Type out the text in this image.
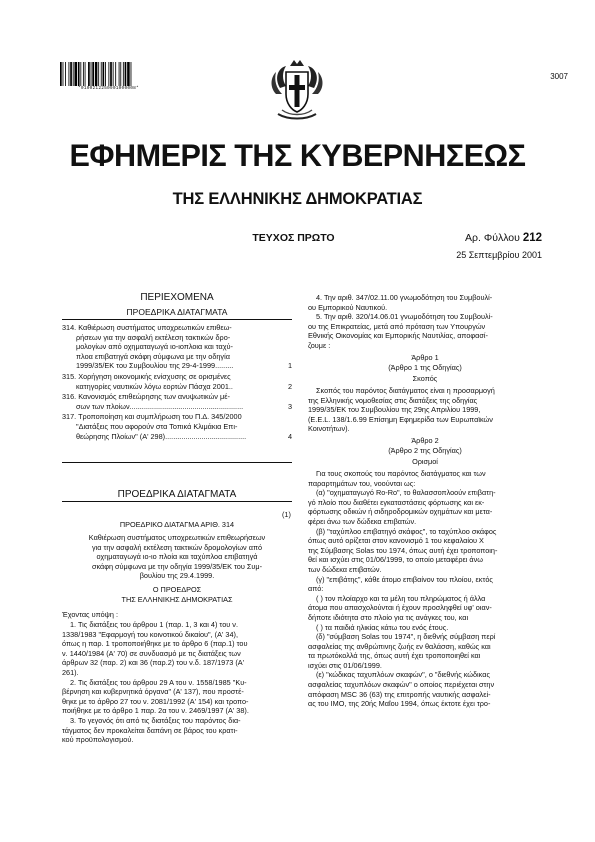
*0100212250901000008*
3007
ΕΦΗΜΕΡΙΣ ΤΗΣ ΚΥΒΕΡΝΗΣΕΩΣ
ΤΗΣ ΕΛΛΗΝΙΚΗΣ ΔΗΜΟΚΡΑΤΙΑΣ
ΤΕΥΧΟΣ ΠΡΩΤΟ	Αρ. Φύλλου 212
25 Σεπτεμβρίου 2001
ΠΕΡΙΕΧΟΜΕΝΑ
ΠΡΟΕΔΡΙΚΑ ΔΙΑΤΑΓΜΑΤΑ
314. Καθιέρωση συστήματος υποχρεωτικών επιθεω-
ρήσεων για την ασφαλή εκτέλεση τακτικών δρο-
μολογίων από οχηματαγωγά ιο-ιοπλοια και ταχύ-
πλοα επιβατηγά σκάφη σύμφωνα με την οδηγία
1999/35/ΕΚ του Συμβουλίου της 29-4-1999.........	1
315. Χορήγηση οικονομικής ενίσχυσης σε ορισμένες
κατηγορίες ναυτικών λόγω εορτών Πάσχα 2001..	2
316. Κανονισμός επιθεώρησης των ανυψωτικών μέ-
σων των πλοίων........................................................	3
317. Τροποποίηση και συμπλήρωση του Π.Δ. 345/2000
"Διατάξεις που αφορούν στα Τοπικά Κλιμάκια Επι-
θεώρησης Πλοίων" (Α' 298)........................................	4
ΠΡΟΕΔΡΙΚΑ ΔΙΑΤΑΓΜΑΤΑ
(1)
ΠΡΟΕΔΡΙΚΟ ΔΙΑΤΑΓΜΑ ΑΡΙΘ. 314
Καθιέρωση συστήματος υποχρεωτικών επιθεωρήσεων
για την ασφαλή εκτέλεση τακτικών δρομολογίων από
οχηματαγωγά ιο-ιο πλοία και ταχύπλοα επιβατηγά
σκάφη σύμφωνα με την οδηγία 1999/35/ΕΚ του Συμ-
βουλίου της 29.4.1999.
Ο ΠΡΟΕΔΡΟΣ
ΤΗΣ ΕΛΛΗΝΙΚΗΣ ΔΗΜΟΚΡΑΤΙΑΣ
Έχοντας υπόψη :
1. Τις διατάξεις του άρθρου 1 (παρ. 1, 3 και 4) του ν.
1338/1983 "Εφαρμογή του κοινοτικού δικαίου", (Α' 34),
όπως η παρ. 1 τροποποιήθηκε με το άρθρο 6 (παρ.1) του
ν. 1440/1984 (Α' 70) σε συνδυασμό με τις διατάξεις των
άρθρων 32 (παρ. 2) και 36 (παρ.2) του ν.δ. 187/1973 (Α'
261).
2. Τις διατάξεις του άρθρου 29 Α του ν. 1558/1985 "Κυ-
βέρνηση και κυβερνητικά όργανα" (Α' 137), που προστέ-
θηκε με το άρθρο 27 του ν. 2081/1992 (Α' 154) και τροπο-
ποιήθηκε με το άρθρο 1 παρ. 2α του ν. 2469/1997 (Α' 38).
3. Το γεγονός ότι από τις διατάξεις του παρόντος δια-
τάγματος δεν προκαλείται δαπάνη σε βάρος του κρατι-
κού προϋπολογισμού.
4. Την αριθ. 347/02.11.00 γνωμοδότηση του Συμβουλί-
ου Εμπορικού Ναυτικού.
5. Την αριθ. 320/14.06.01 γνωμοδότηση του Συμβουλί-
ου της Επικρατείας, μετά από πρόταση των Υπουργών
Εθνικής Οικονομίας και Εμπορικής Ναυτιλίας, αποφασί-
ζουμε :
Άρθρο 1
(Άρθρο 1 της Οδηγίας)
Σκοπός
Σκοπός του παρόντος διατάγματος είναι η προσαρμογή
της Ελληνικής νομοθεσίας στις διατάξεις της οδηγίας
1999/35/ΕΚ του Συμβουλίου της 29ης Απριλίου 1999,
(Ε.Ε.L. 138/1.6.99 Επίσημη Εφημερίδα των Ευρωπαϊκών
Κοινοτήτων).
Άρθρο 2
(Άρθρο 2 της Οδηγίας)
Ορισμοί
Για τους σκοπούς του παρόντος διατάγματος και των
παραρτημάτων του, νοούνται ως:
(α) "οχηματαγωγό Ro-Ro", το θαλασσοπλοούν επιβατη-
γό πλοίο που διαθέτει εγκαταστάσεις φόρτωσης και εκ-
φόρτωσης οδικών ή σιδηροδρομικών οχημάτων και μετα-
φέρει άνω των δώδεκα επιβατών.
(β) "ταχύπλοο επιβατηγό σκάφος", το ταχύπλοο σκάφος
όπως αυτό ορίζεται στον κανονισμό 1 του κεφαλαίου X
της Σύμβασης Solas του 1974, όπως αυτή έχει τροποποιη-
θεί και ισχύει στις 01/06/1999, το οποίο μεταφέρει άνω
των δώδεκα επιβατών.
(γ) "επιβάτης", κάθε άτομο επιβαίνον του πλοίου, εκτός
από:
( ) τον πλοίαρχο και τα μέλη του πληρώματος ή άλλα
άτομα που απασχολούνται ή έχουν προσληφθεί υφ' οιαν-
δήποτε ιδιότητα στο πλοίο για τις ανάγκες του, και
( ) τα παιδιά ηλικίας κάτω του ενός έτους.
(δ) "σύμβαση Solas του 1974", η διεθνής σύμβαση περί
ασφαλείας της ανθρώπινης ζωής εν θαλάσση, καθώς και
τα πρωτόκολλά της, όπως αυτή έχει τροποποιηθεί και
ισχύει στις 01/06/1999.
(ε) "κώδικας ταχυπλόων σκαφών", ο "διεθνής κώδικας
ασφαλείας ταχυπλόων σκαφών" ο οποίος περιέχεται στην
απόφαση MSC 36 (63) της επιτροπής ναυτικής ασφαλεί-
ας του IMO, της 20ής Μαΐου 1994, όπως έκτοτε έχει τρο-
